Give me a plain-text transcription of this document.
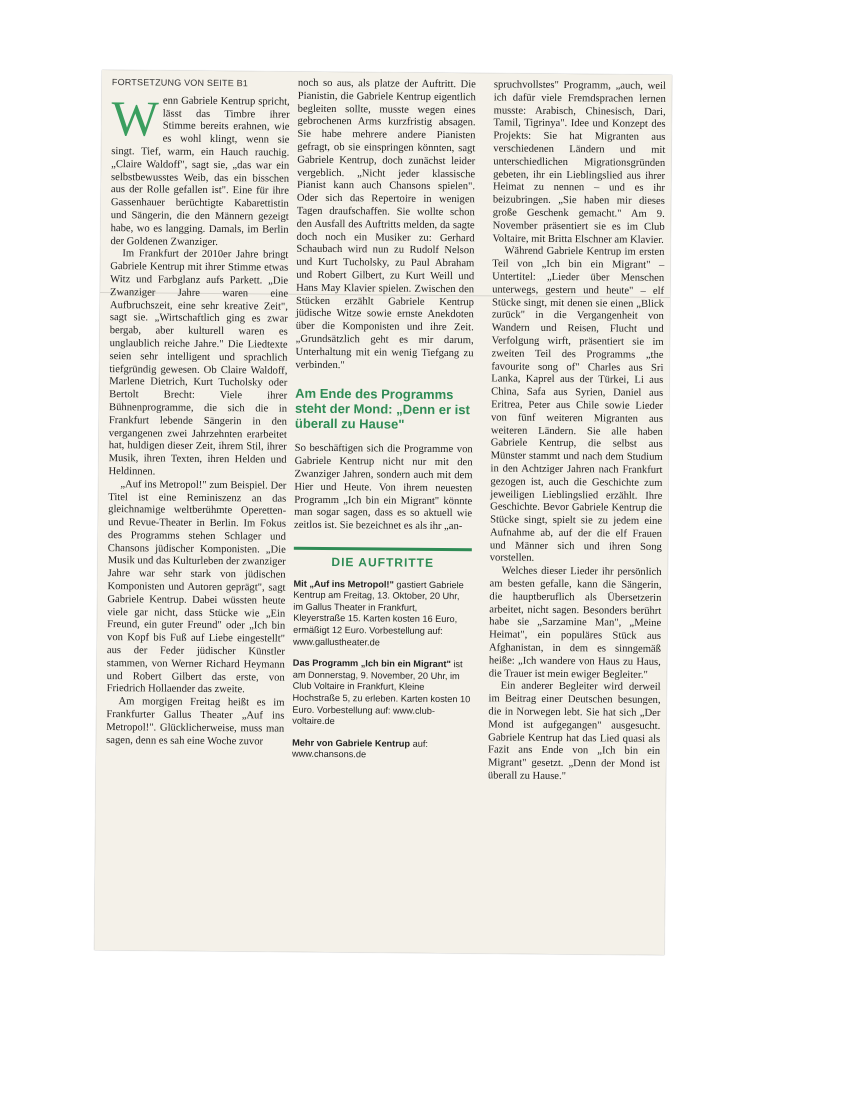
FORTSETZUNG VON SEITE B1

Wenn Gabriele Kentrup spricht, lässt das Timbre ihrer Stimme bereits erahnen, wie es wohl klingt, wenn sie singt. Tief, warm, ein Hauch rauchig. „Claire Waldoff", sagt sie, „das war ein selbstbewusstes Weib, das ein bisschen aus der Rolle gefallen ist". Eine für ihre Gassenhauer berüchtigte Kabarettistin und Sängerin, die den Männern gezeigt habe, wo es langging. Damals, im Berlin der Goldenen Zwanziger.

Im Frankfurt der 2010er Jahre bringt Gabriele Kentrup mit ihrer Stimme etwas Witz und Farbglanz aufs Parkett. „Die Zwanziger Jahre waren eine Aufbruchszeit, eine sehr kreative Zeit", sagt sie. „Wirtschaftlich ging es zwar bergab, aber kulturell waren es unglaublich reiche Jahre." Die Liedtexte seien sehr intelligent und sprachlich tiefgründig gewesen. Ob Claire Waldoff, Marlene Dietrich, Kurt Tucholsky oder Bertolt Brecht: Viele ihrer Bühnenprogramme, die sich die in Frankfurt lebende Sängerin in den vergangenen zwei Jahrzehnten erarbeitet hat, huldigen dieser Zeit, ihrem Stil, ihrer Musik, ihren Texten, ihren Helden und Heldinnen.

„Auf ins Metropol!" zum Beispiel. Der Titel ist eine Reminiszenz an das gleichnamige weltberühmte Operetten- und Revue-Theater in Berlin. Im Fokus des Programms stehen Schlager und Chansons jüdischer Komponisten. „Die Musik und das Kulturleben der zwanziger Jahre war sehr stark von jüdischen Komponisten und Autoren geprägt", sagt Gabriele Kentrup. Dabei wüssten heute viele gar nicht, dass Stücke wie „Ein Freund, ein guter Freund" oder „Ich bin von Kopf bis Fuß auf Liebe eingestellt" aus der Feder jüdischer Künstler stammen, von Werner Richard Heymann und Robert Gilbert das erste, von Friedrich Hollaender das zweite.

Am morgigen Freitag heißt es im Frankfurter Gallus Theater „Auf ins Metropol!". Glücklicherweise, muss man sagen, denn es sah eine Woche zuvor

noch so aus, als platze der Auftritt. Die Pianistin, die Gabriele Kentrup eigentlich begleiten sollte, musste wegen eines gebrochenen Arms kurzfristig absagen. Sie habe mehrere andere Pianisten gefragt, ob sie einspringen könnten, sagt Gabriele Kentrup, doch zunächst leider vergeblich. „Nicht jeder klassische Pianist kann auch Chansons spielen". Oder sich das Repertoire in wenigen Tagen draufschaffen. Sie wollte schon den Ausfall des Auftritts melden, da sagte doch noch ein Musiker zu: Gerhard Schaubach wird nun zu Rudolf Nelson und Kurt Tucholsky, zu Paul Abraham und Robert Gilbert, zu Kurt Weill und Hans May Klavier spielen. Zwischen den Stücken erzählt Gabriele Kentrup jüdische Witze sowie ernste Anekdoten über die Komponisten und ihre Zeit. „Grundsätzlich geht es mir darum, Unterhaltung mit ein wenig Tiefgang zu verbinden."

Am Ende des Programms steht der Mond: „Denn er ist überall zu Hause"

So beschäftigen sich die Programme von Gabriele Kentrup nicht nur mit den Zwanziger Jahren, sondern auch mit dem Hier und Heute. Von ihrem neuesten Programm „Ich bin ein Migrant" könnte man sogar sagen, dass es so aktuell wie zeitlos ist. Sie bezeichnet es als ihr „an-

DIE AUFTRITTE

Mit „Auf ins Metropol!" gastiert Gabriele Kentrup am Freitag, 13. Oktober, 20 Uhr, im Gallus Theater in Frankfurt, Kleyerstraße 15. Karten kosten 16 Euro, ermäßigt 12 Euro. Vorbestellung auf: www.gallustheater.de

Das Programm „Ich bin ein Migrant" ist am Donnerstag, 9. November, 20 Uhr, im Club Voltaire in Frankfurt, Kleine Hochstraße 5, zu erleben. Karten kosten 10 Euro. Vorbestellung auf: www.club-voltaire.de

Mehr von Gabriele Kentrup auf: www.chansons.de

spruchvollstes" Programm, „auch, weil ich dafür viele Fremdsprachen lernen musste: Arabisch, Chinesisch, Dari, Tamil, Tigrinya". Idee und Konzept des Projekts: Sie hat Migranten aus verschiedenen Ländern und mit unterschiedlichen Migrationsgründen gebeten, ihr ein Lieblingslied aus ihrer Heimat zu nennen – und es ihr beizubringen. „Sie haben mir dieses große Geschenk gemacht." Am 9. November präsentiert sie es im Club Voltaire, mit Britta Elschner am Klavier.

Während Gabriele Kentrup im ersten Teil von „Ich bin ein Migrant" – Untertitel: „Lieder über Menschen unterwegs, gestern und heute" – elf Stücke singt, mit denen sie einen „Blick zurück" in die Vergangenheit von Wandern und Reisen, Flucht und Verfolgung wirft, präsentiert sie im zweiten Teil des Programms „the favourite song of" Charles aus Sri Lanka, Kaprel aus der Türkei, Li aus China, Safa aus Syrien, Daniel aus Eritrea, Peter aus Chile sowie Lieder von fünf weiteren Migranten aus weiteren Ländern. Sie alle haben Gabriele Kentrup, die selbst aus Münster stammt und nach dem Studium in den Achtziger Jahren nach Frankfurt gezogen ist, auch die Geschichte zum jeweiligen Lieblingslied erzählt. Ihre Geschichte. Bevor Gabriele Kentrup die Stücke singt, spielt sie zu jedem eine Aufnahme ab, auf der die elf Frauen und Männer sich und ihren Song vorstellen.

Welches dieser Lieder ihr persönlich am besten gefalle, kann die Sängerin, die hauptberuflich als Übersetzerin arbeitet, nicht sagen. Besonders berührt habe sie „Sarzamine Man", „Meine Heimat", ein populäres Stück aus Afghanistan, in dem es sinngemäß heiße: „Ich wandere von Haus zu Haus, die Trauer ist mein ewiger Begleiter."

Ein anderer Begleiter wird derweil im Beitrag einer Deutschen besungen, die in Norwegen lebt. Sie hat sich „Der Mond ist aufgegangen" ausgesucht. Gabriele Kentrup hat das Lied quasi als Fazit ans Ende von „Ich bin ein Migrant" gesetzt. „Denn der Mond ist überall zu Hause."
